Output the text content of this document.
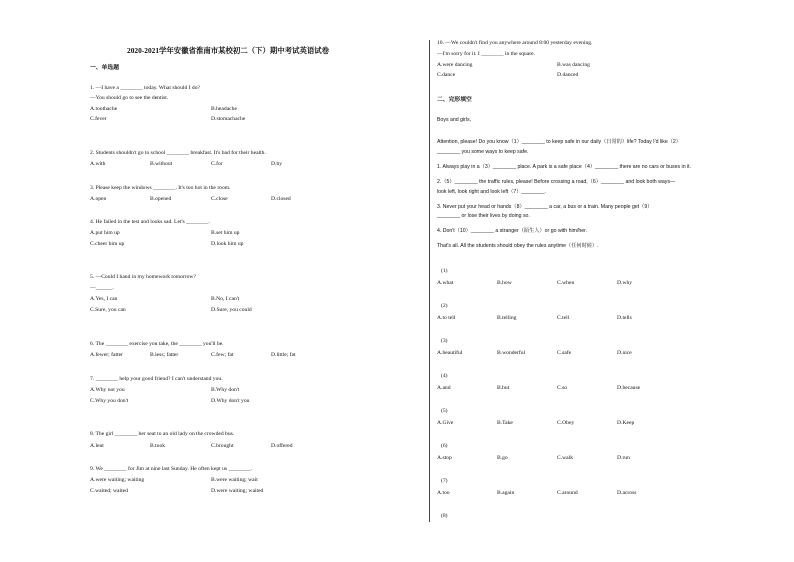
2020-2021学年安徽省淮南市某校初二（下）期中考试英语试卷
一、单选题
1. —I have a ________ today. What should I do?
—You should go to see the dentist.
A.toothache	B.headache
C.fever	D.stomachache
2. Students shouldn't go to school ________ breakfast. It's bad for their health.
A.with	B.without	C.for	D.by
3. Please keep the windows ________. It's too hot in the room.
A.open	B.opened	C.close	D.closed
4. He failed in the test and looks sad. Let's ________.
A.put him up	B.set him up
C.cheer him up	D.look him up
5. —Could I hand in my homework tomorrow?
—______.
A.Yes, I can	B.No, I can't
C.Sure, you can	D.Sure, you could
6. The ________ exercise you take, the ________ you'll be.
A.fewer; fatter	B.less; fatter	C.few; fat	D.little; fat
7. ________ help your good friend? I can't understand you.
A.Why not you	B.Why don't
C.Why you don't	D.Why don't you
8. The girl ________ her seat to an old lady on the crowded bus.
A.lent	B.took	C.brought	D.offered
9. We ________ for Jim at nine last Sunday. He often kept us ________.
A.were waiting; waiting	B.were waiting; wait
C.waited; waited	D.were waiting; waited
10. —We couldn't find you anywhere around 8:00 yesterday evening.
—I'm sorry for it. I ________ in the square.
A.were dancing	B.was dancing
C.dance	D.danced
二、完形填空
Boys and girls,
Attention, please! Do you know（1）________ to keep safe in our daily（日常的）life? Today I'd like（2）
________ you some ways to keep safe.
1. Always play in a（3）________ place. A park is a safe place（4）________ there are no cars or buses in it.
2.（5）________ the traffic rules, please! Before crossing a road,（6）________ and look both ways—
look left, look right and look left（7）________.
3. Never put your head or hands（8）________ a car, a bus or a train. Many people get（9）
________ or lose their lives by doing so.
4. Don't（10）________ a stranger（陌生人）or go with him/her.
That's all. All the students should obey the rules anytime（任何时候）.
(1)
A.what	B.how	C.when	D.why
(2)
A.to tell	B.telling	C.tell	D.tells
(3)
A.beautiful	B.wonderful	C.safe	D.nice
(4)
A.and	B.but	C.so	D.because
(5)
A.Give	B.Take	C.Obey	D.Keep
(6)
A.stop	B.go	C.walk	D.run
(7)
A.too	B.again	C.around	D.across
(8)
